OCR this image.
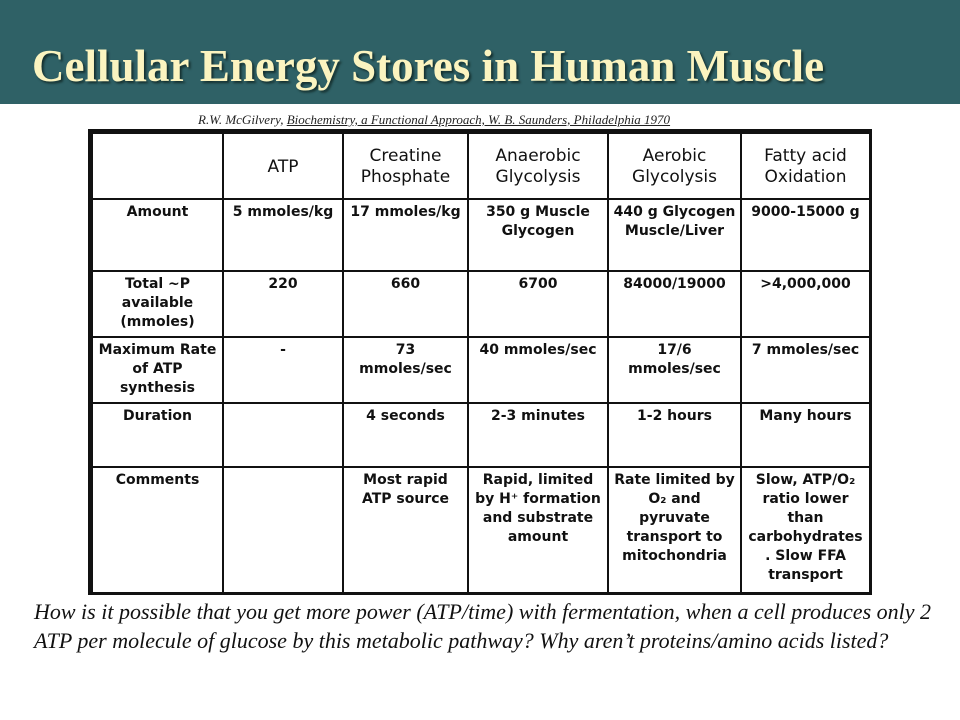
Cellular Energy Stores in Human Muscle
R.W. McGilvery, Biochemistry, a Functional Approach, W. B. Saunders, Philadelphia 1970
	ATP	Creatine Phosphate	Anaerobic Glycolysis	Aerobic Glycolysis	Fatty acid Oxidation
Amount	5 mmoles/kg	17 mmoles/kg	350 g Muscle Glycogen	440 g Glycogen Muscle/Liver	9000-15000 g
Total ~P available (mmoles)	220	660	6700	84000/19000	>4,000,000
Maximum Rate of ATP synthesis	-	73 mmoles/sec	40 mmoles/sec	17/6 mmoles/sec	7 mmoles/sec
Duration		4 seconds	2-3 minutes	1-2 hours	Many hours
Comments		Most rapid ATP source	Rapid, limited by H⁺ formation and substrate amount	Rate limited by O₂ and pyruvate transport to mitochondria	Slow, ATP/O₂ ratio lower than carbohydrates. Slow FFA transport
How is it possible that you get more power (ATP/time) with fermentation, when a cell produces only 2 ATP per molecule of glucose by this metabolic pathway? Why aren’t proteins/amino acids listed?
